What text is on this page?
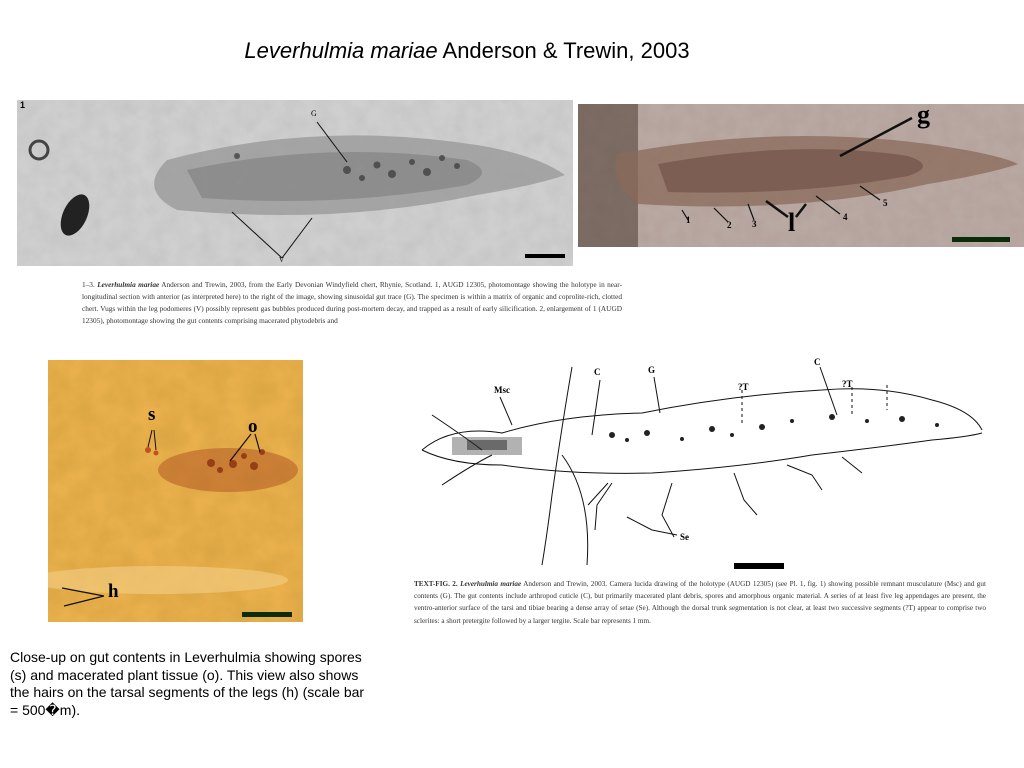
Leverhulmia mariae Anderson & Trewin, 2003
1
G
V
g
l
1	2 3
4
5
1–3. Leverhulmia mariae Anderson and Trewin, 2003, from the Early Devonian Windyfield chert, Rhynie, Scotland. 1, AUGD 12305, photomontage showing the holotype in near-longitudinal section with anterior (as interpreted here) to the right of the image, showing sinusoidal gut trace (G). The specimen is within a matrix of organic and coprolite-rich, clotted chert. Vugs within the leg podomeres (V) possibly represent gas bubbles produced during post-mortem decay, and trapped as a result of early silicification. 2, enlargement of 1 (AUGD 12305), photomontage showing the gut contents comprising macerated phytodebris and
s
o
h
Msc
C	G
?T
C
?T
Se
TEXT-FIG. 2. Leverhulmia mariae Anderson and Trewin, 2003. Camera lucida drawing of the holotype (AUGD 12305) (see Pl. 1, fig. 1) showing possible remnant musculature (Msc) and gut contents (G). The gut contents include arthropod cuticle (C), but primarily macerated plant debris, spores and amorphous organic material. A series of at least five leg appendages are present, the ventro-anterior surface of the tarsi and tibiae bearing a dense array of setae (Se). Although the dorsal trunk segmentation is not clear, at least two successive segments (?T) appear to comprise two sclerites: a short pretergite followed by a larger tergite. Scale bar represents 1 mm.
Close-up on gut contents in Leverhulmia showing spores (s) and macerated plant tissue (o). This view also shows the hairs on the tarsal segments of the legs (h) (scale bar = 500�m).
